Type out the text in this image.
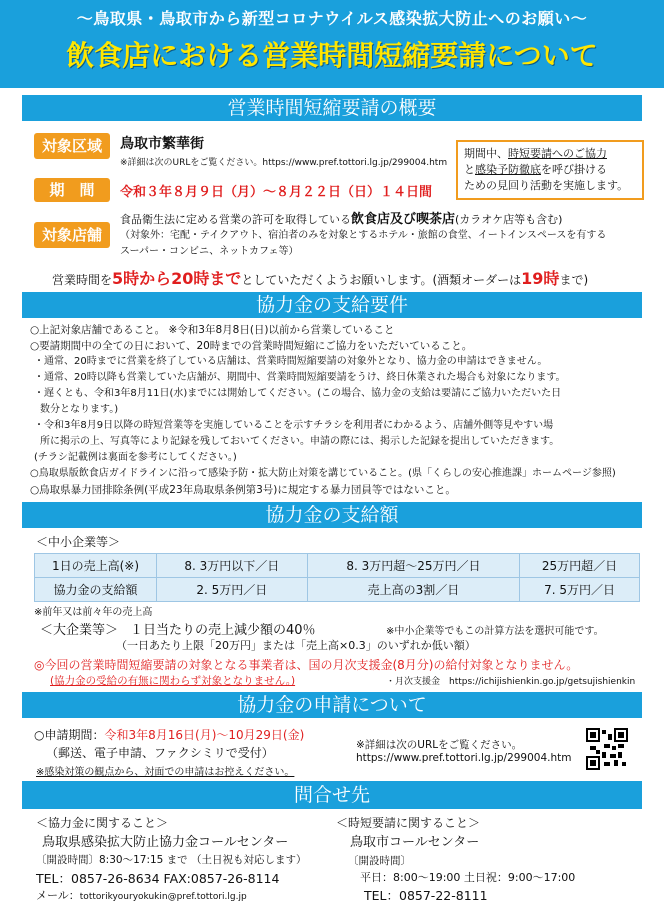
〜鳥取県・鳥取市から新型コロナウイルス感染拡大防止へのお願い〜
飲食店における営業時間短縮要請について
営業時間短縮要請の概要
対象区域	鳥取市繁華街
※詳細は次のURLをご覧ください。https://www.pref.tottori.lg.jp/299004.htm
期間中、時短要請へのご協力
と感染予防徹底を呼び掛ける
ための見回り活動を実施します。
期　間	令和３年８月９日（月）〜８月２２日（日）１４日間
対象店舗
食品衛生法に定める営業の許可を取得している飲食店及び喫茶店(カラオケ店等も含む)
（対象外：宅配・テイクアウト、宿泊者のみを対象とするホテル・旅館の食堂、イートインスペースを有する
スーパー・コンビニ、ネットカフェ等）
営業時間を5時から20時までとしていただくようお願いします。(酒類オーダーは19時まで)
協力金の支給要件
○上記対象店舗であること。 ※令和3年8月8日(日)以前から営業していること
○要請期間中の全ての日において、20時までの営業時間短縮にご協力をいただいていること。
・通常、20時までに営業を終了している店舗は、営業時間短縮要請の対象外となり、協力金の申請はできません。
・通常、20時以降も営業していた店舗が、期間中、営業時間短縮要請をうけ、終日休業された場合も対象になります。
・遅くとも、令和3年8月11日(水)までには開始してください。(この場合、協力金の支給は要請にご協力いただいた日
数分となります。)
・令和3年8月9日以降の時短営業等を実施していることを示すチラシを利用者にわかるよう、店舗外側等見やすい場
所に掲示の上、写真等により記録を残しておいてください。申請の際には、掲示した記録を提出していただきます。
(チラシ記載例は裏面を参考にしてください。)
○鳥取県版飲食店ガイドラインに沿って感染予防・拡大防止対策を講じていること。(県「くらしの安心推進課」ホームページ参照)
○鳥取県暴力団排除条例(平成23年鳥取県条例第3号)に規定する暴力団員等ではないこと。
協力金の支給額
＜中小企業等＞
1日の売上高(※)	8. 3万円以下／日	8. 3万円超〜25万円／日	25万円超／日
協力金の支給額	2. 5万円／日	売上高の3割／日	7. 5万円／日
※前年又は前々年の売上高
＜大企業等＞ １日当たりの売上減少額の40％	※中小企業等でもこの計算方法を選択可能です。
（一日あたり上限「20万円」または「売上高×0.3」のいずれか低い額）
◎今回の営業時間短縮要請の対象となる事業者は、国の月次支援金(8月分)の給付対象となりません。
(協力金の受給の有無に関わらず対象となりません。)	・月次支援金　https://ichijishienkin.go.jp/getsujishienkin
協力金の申請について
○申請期間：令和3年8月16日(月)〜10月29日(金)
（郵送、電子申請、ファクシミリで受付）
※感染対策の観点から、対面での申請はお控えください。
※詳細は次のURLをご覧ください。
https://www.pref.tottori.lg.jp/299004.htm
問合せ先
＜協力金に関すること＞
鳥取県感染拡大防止協力金コールセンター
〔開設時間〕8:30〜17:15 まで （土日祝も対応します）
TEL：0857-26-8634 FAX:0857-26-8114
メール：tottorikyouryokukin@pref.tottori.lg.jp
＜時短要請に関すること＞
鳥取市コールセンター
〔開設時間〕
平日：8:00〜19:00 土日祝：9:00〜17:00
TEL：0857-22-8111
